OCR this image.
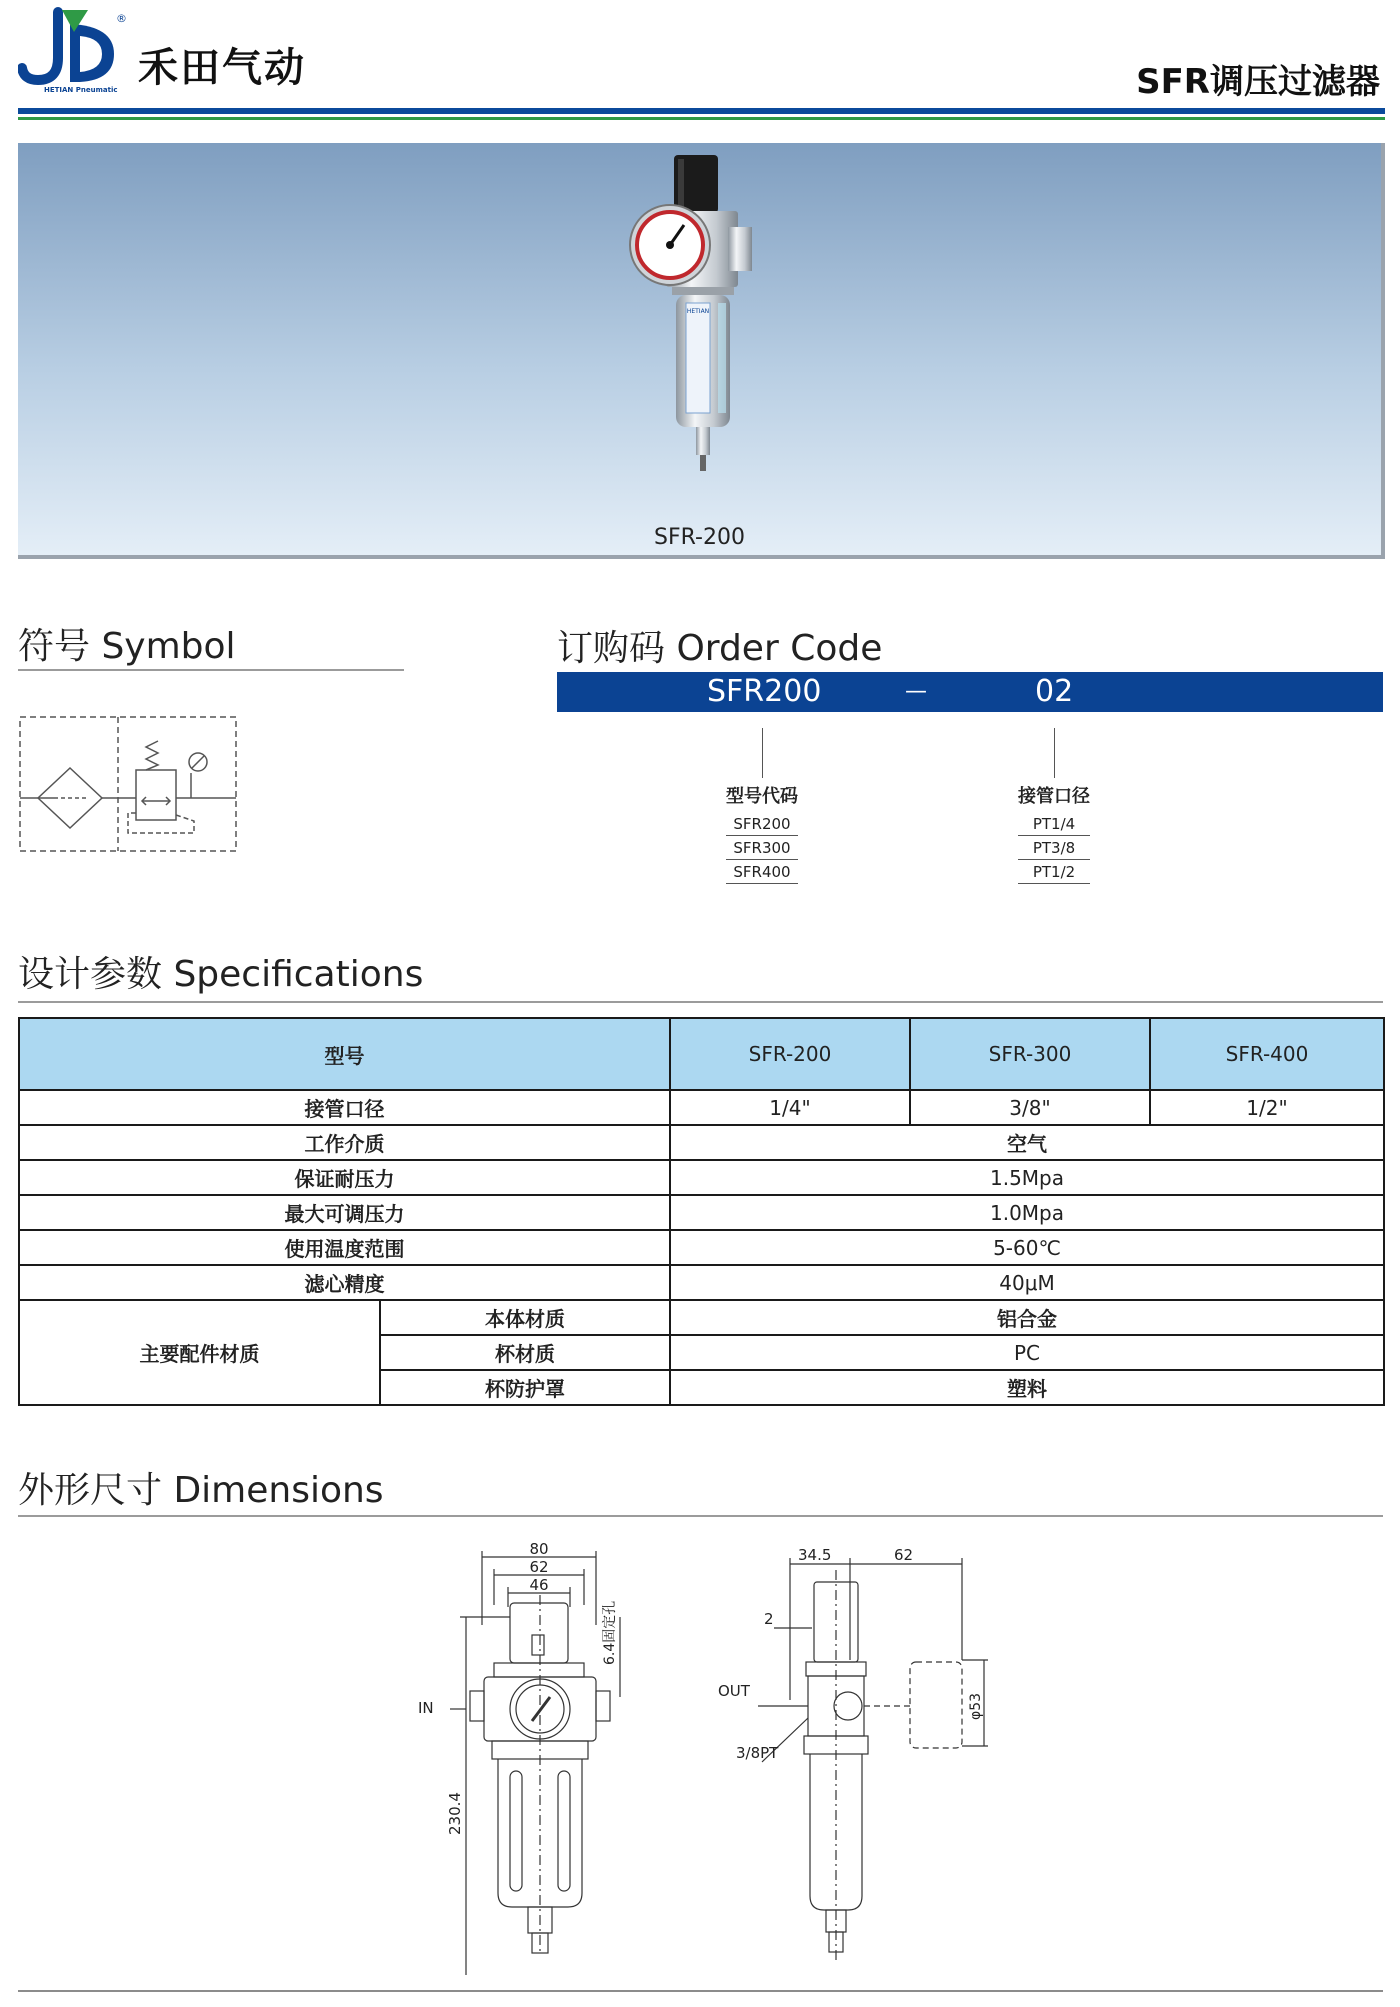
HETIAN Pneumatic
®
禾田气动	SFR调压过滤器
HETIAN
SFR-200
符号 Symbol	订购码 Order Code
SFR200	—	02
型号代码
SFR200
SFR300
SFR400
接管口径
PT1/4
PT3/8
PT1/2
设计参数 Specifications
型号		SFR-200	SFR-300	SFR-400
接管口径		1/4"	3/8"	1/2"
工作介质		空气		
保证耐压力		1.5Mpa		
最大可调压力		1.0Mpa		
使用温度范围		5-60℃		
滤心精度		40μM		
主要配件材质	本体材质	铝合金		
	杯材质	PC		
	杯防护罩	塑料		
外形尺寸 Dimensions
80
62
46
IN
230.4
6.4固定孔
34.5	62
2
OUT
3/8PT
φ53
